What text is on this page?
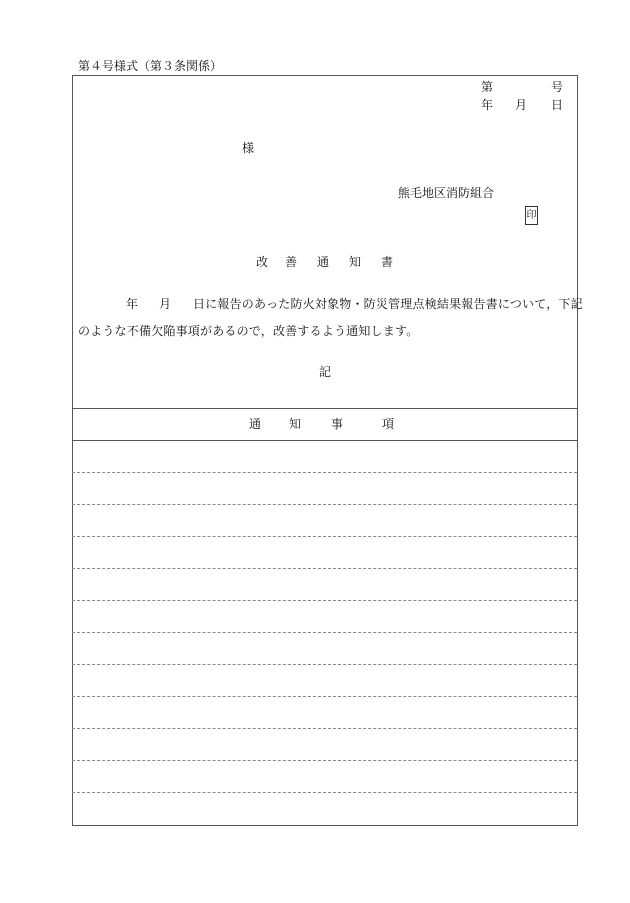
第４号様式（第３条関係）
第	号
年 月 日
様
熊毛地区消防組合
印
改 善 通 知 書
年 月 日に報告のあった防火対象物・防災管理点検結果報告書について，下記
のような不備欠陥事項があるので，改善するよう通知します。
記
通 知 事	項
